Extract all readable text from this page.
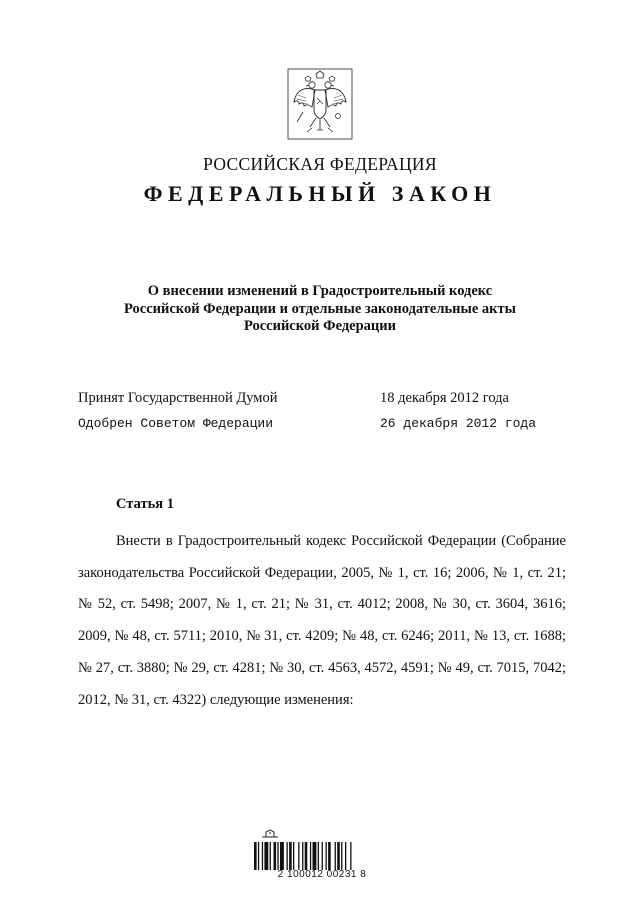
РОССИЙСКАЯ ФЕДЕРАЦИЯ
ФЕДЕРАЛЬНЫЙ ЗАКОН
О внесении изменений в Градостроительный кодекс
Российской Федерации и отдельные законодательные акты
Российской Федерации
Принят Государственной Думой	18 декабря 2012 года
Одобрен Советом Федерации	26 декабря 2012 года
Статья 1

Внести в Градостроительный кодекс Российской Федерации (Собрание законодательства Российской Федерации, 2005, № 1, ст. 16; 2006, № 1, ст. 21; № 52, ст. 5498; 2007, № 1, ст. 21; № 31, ст. 4012; 2008, № 30, ст. 3604, 3616; 2009, № 48, ст. 5711; 2010, № 31, ст. 4209; № 48, ст. 6246; 2011, № 13, ст. 1688; № 27, ст. 3880; № 29, ст. 4281; № 30, ст. 4563, 4572, 4591; № 49, ст. 7015, 7042; 2012, № 31, ст. 4322) следующие изменения:

2 100012 00231 8
